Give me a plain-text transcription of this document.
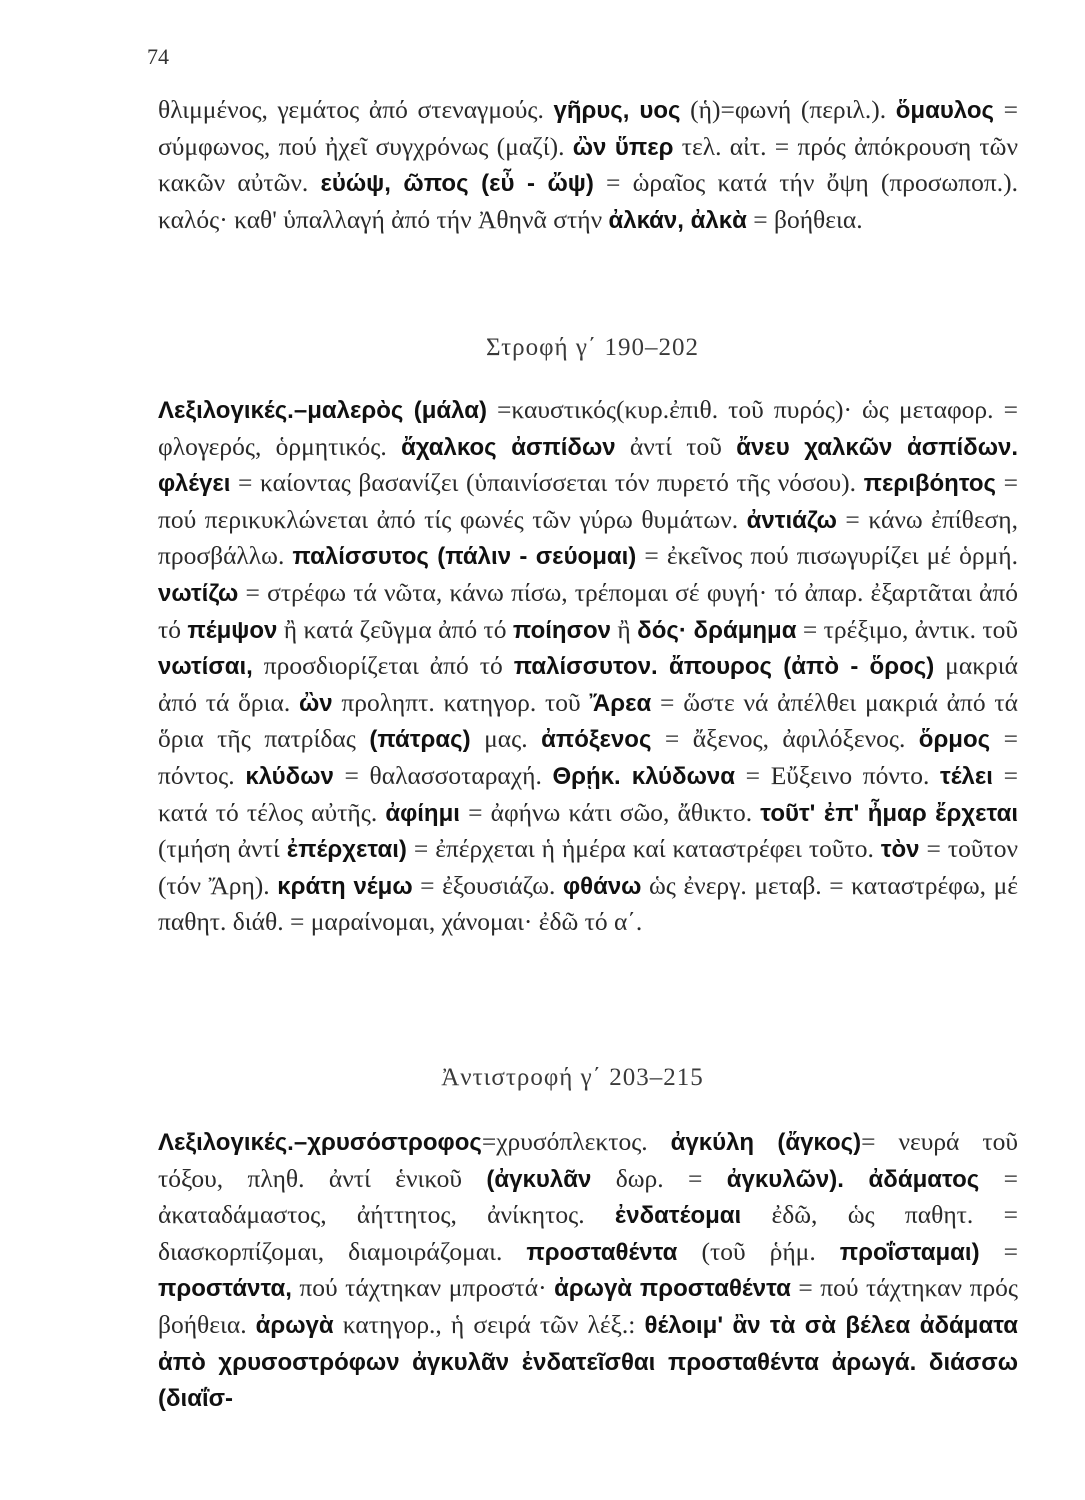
74

θλιμμένος, γεμάτος ἀπό στεναγμούς. γῆρυς, υος (ἡ)=φωνή (περιλ.). ὅμαυλος = σύμφωνος, πού ἠχεῖ συγχρόνως (μαζί). ὢν ὕπερ τελ. αἰτ. = πρός ἀπόκρουση τῶν κακῶν αὐτῶν. εὐώψ, ῶπος (εὖ - ὤψ) = ὡραῖος κατά τήν ὄψη (προσωποπ.). καλός· καθ' ὑπαλλαγή ἀπό τήν Ἀθηνᾶ στήν ἀλκάν, ἀλκὰ = βοήθεια.

Στροφή γ΄ 190–202

Λεξιλογικές.–μαλερὸς (μάλα) =καυστικός(κυρ.ἐπιθ. τοῦ πυρός)· ὡς μεταφορ. = φλογερός, ὁρμητικός. ἄχαλκος ἀσπίδων ἀντί τοῦ ἄνευ χαλκῶν ἀσπίδων. φλέγει = καίοντας βασανίζει (ὑπαινίσσεται τόν πυρετό τῆς νόσου). περιβόητος = πού περικυκλώνεται ἀπό τίς φωνές τῶν γύρω θυμάτων. ἀντιάζω = κάνω ἐπίθεση, προσβάλλω. παλίσσυτος (πάλιν - σεύομαι) = ἐκεῖνος πού πισωγυρίζει μέ ὁρμή. νωτίζω = στρέφω τά νῶτα, κάνω πίσω, τρέπομαι σέ φυγή· τό ἀπαρ. ἐξαρτᾶται ἀπό τό πέμψον ἢ κατά ζεῦγμα ἀπό τό ποίησον ἢ δός· δράμημα = τρέξιμο, ἀντικ. τοῦ νωτίσαι, προσδιορίζεται ἀπό τό παλίσσυτον. ἄπουρος (ἀπὸ - ὅρος) μακριά ἀπό τά ὅρια. ὢν προληπτ. κατηγορ. τοῦ Ἄρεα = ὥστε νά ἀπέλθει μακριά ἀπό τά ὅρια τῆς πατρίδας (πάτρας) μας. ἀπόξενος = ἄξενος, ἀφιλόξενος. ὅρμος = πόντος. κλύδων = θαλασσοταραχή. Θρῄκ. κλύδωνα = Εὔξεινο πόντο. τέλει = κατά τό τέλος αὐτῆς. ἀφίημι = ἀφήνω κάτι σῶο, ἄθικτο. τοῦτ' ἐπ' ἦμαρ ἔρχεται (τμήση ἀντί ἐπέρχεται) = ἐπέρχεται ἡ ἡμέρα καί καταστρέφει τοῦτο. τὸν = τοῦτον (τόν Ἄρη). κράτη νέμω = ἐξουσιάζω. φθάνω ὡς ἐνεργ. μεταβ. = καταστρέφω, μέ παθητ. διάθ. = μαραίνομαι, χάνομαι· ἐδῶ τό α΄.

Ἀντιστροφή γ΄ 203–215

Λεξιλογικές.–χρυσόστροφος=χρυσόπλεκτος. ἀγκύλη (ἄγκος)= νευρά τοῦ τόξου, πληθ. ἀντί ἑνικοῦ (ἀγκυλᾶν δωρ. = ἀγκυλῶν). ἀδάματος = ἀκαταδάμαστος, ἀήττητος, ἀνίκητος. ἐνδατέομαι ἐδῶ, ὡς παθητ. = διασκορπίζομαι, διαμοιράζομαι. προσταθέντα (τοῦ ῥήμ. προΐσταμαι) = προστάντα, πού τάχτηκαν μπροστά· ἀρωγὰ προσταθέντα = πού τάχτηκαν πρός βοήθεια. ἀρωγὰ κατηγορ., ἡ σειρά τῶν λέξ.: θέλοιμ' ἂν τὰ σὰ βέλεα ἀδάματα ἀπὸ χρυσοστρόφων ἀγκυλᾶν ἐνδατεῖσθαι προσταθέντα ἀρωγά. διάσσω (διαΐσ-
